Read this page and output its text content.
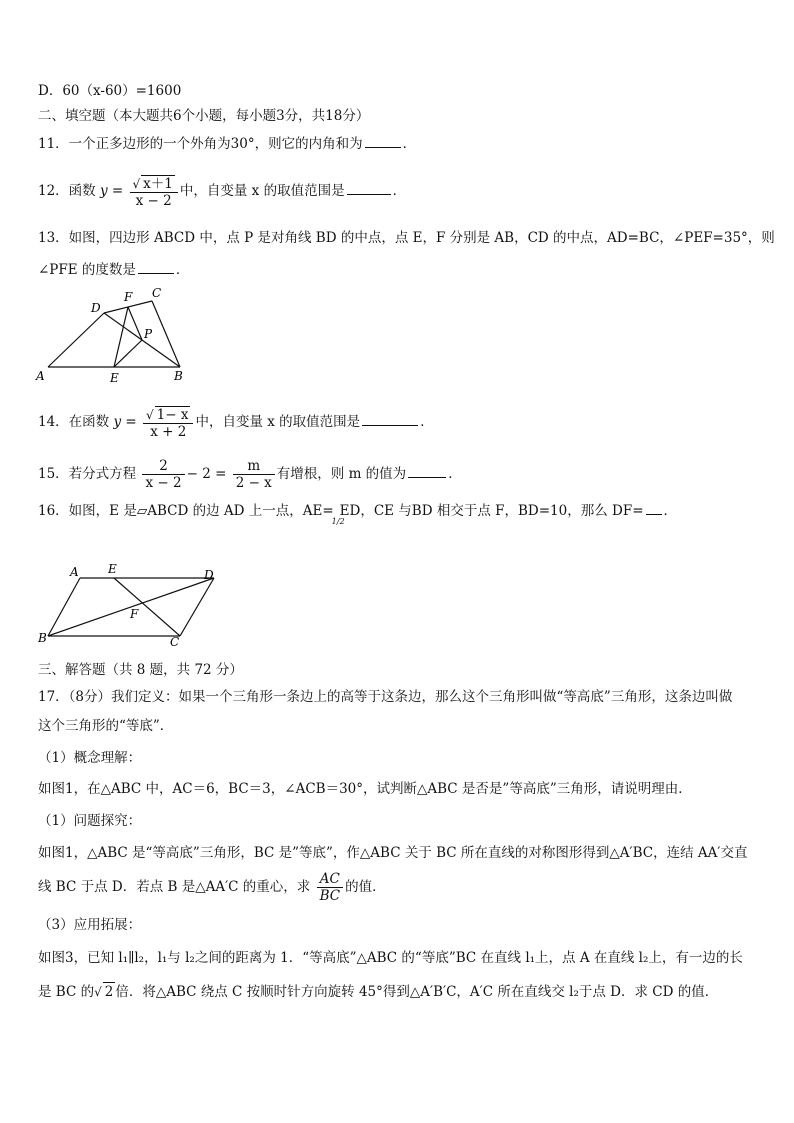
D．60（x-60）=1600
二、填空题（本大题共6个小题，每小题3分，共18分）
11．一个正多边形的一个外角为30°，则它的内角和为	．
12．函数 $y = \frac{√ x+1}{x - 2}$ 中，自变量 x 的取值范围是	．
13．如图，四边形 ABCD 中，点 P 是对角线 BD 的中点，点 E，F 分别是 AB，CD 的中点，AD=BC，∠PEF=35°，则
∠PFE 的度数是	．
A	B
C
D
E
F
P
14．在函数 $y = \frac{√ 1- x}{x + 2}$ 中，自变量 x 的取值范围是	．
15．若分式方程 $\frac{2}{x - 2} - 2 = \frac{m}{2 - x}$ 有增根，则 m 的值为	．
16．如图，E 是▱ABCD 的边 AD 上一点，AE=
1/2
ED，CE 与BD 相交于点 F，BD=10，那么 DF= ．
A E	D
B	C
F
三、解答题（共 8 题，共 72 分）
17．（8分）我们定义：如果一个三角形一条边上的高等于这条边，那么这个三角形叫做“等高底”三角形，这条边叫做
这个三角形的“等底”．
（1）概念理解：
如图1，在△ABC 中，AC＝6，BC＝3，∠ACB＝30°，试判断△ABC 是否是”等高底”三角形，请说明理由．
（1）问题探究：
如图1，△ABC 是“等高底”三角形，BC 是”等底”，作△ABC 关于 BC 所在直线的对称图形得到△A′BC，连结 AA′交直
线 BC 于点 D．若点 B 是△AA′C 的重心，求 $\frac{AC}{BC}$ 的值．
（3）应用拓展：
如图3，已知 l₁∥l₂，l₁与 l₂之间的距离为 1．“等高底”△ABC 的“等底”BC 在直线 l₁上，点 A 在直线 l₂上，有一边的长
是 BC 的√ 2 倍．将△ABC 绕点 C 按顺时针方向旋转 45°得到△A′B′C，A′C 所在直线交 l₂于点 D．求 CD 的值．
